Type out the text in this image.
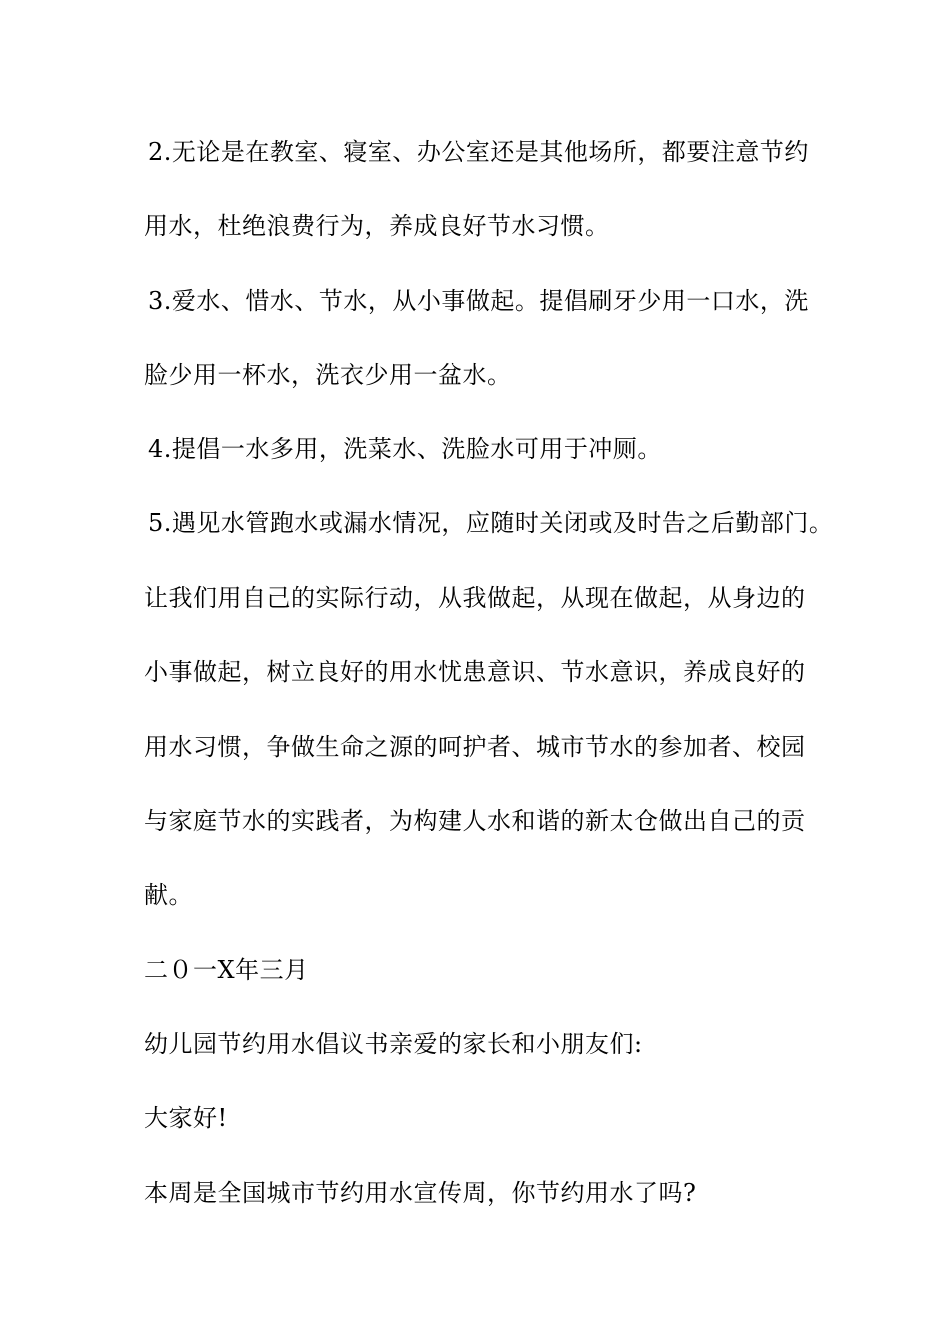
2.无论是在教室、寝室、办公室还是其他场所，都要注意节约
用水，杜绝浪费行为，养成良好节水习惯。
3.爱水、惜水、节水，从小事做起。提倡刷牙少用一口水，洗
脸少用一杯水，洗衣少用一盆水。
4.提倡一水多用，洗菜水、洗脸水可用于冲厕。
5.遇见水管跑水或漏水情况，应随时关闭或及时告之后勤部门。
让我们用自己的实际行动，从我做起，从现在做起，从身边的
小事做起，树立良好的用水忧患意识、节水意识，养成良好的
用水习惯，争做生命之源的呵护者、城市节水的参加者、校园
与家庭节水的实践者，为构建人水和谐的新太仓做出自己的贡
献。
二０一X年三月
幼儿园节约用水倡议书亲爱的家长和小朋友们:
大家好!
本周是全国城市节约用水宣传周，你节约用水了吗?
